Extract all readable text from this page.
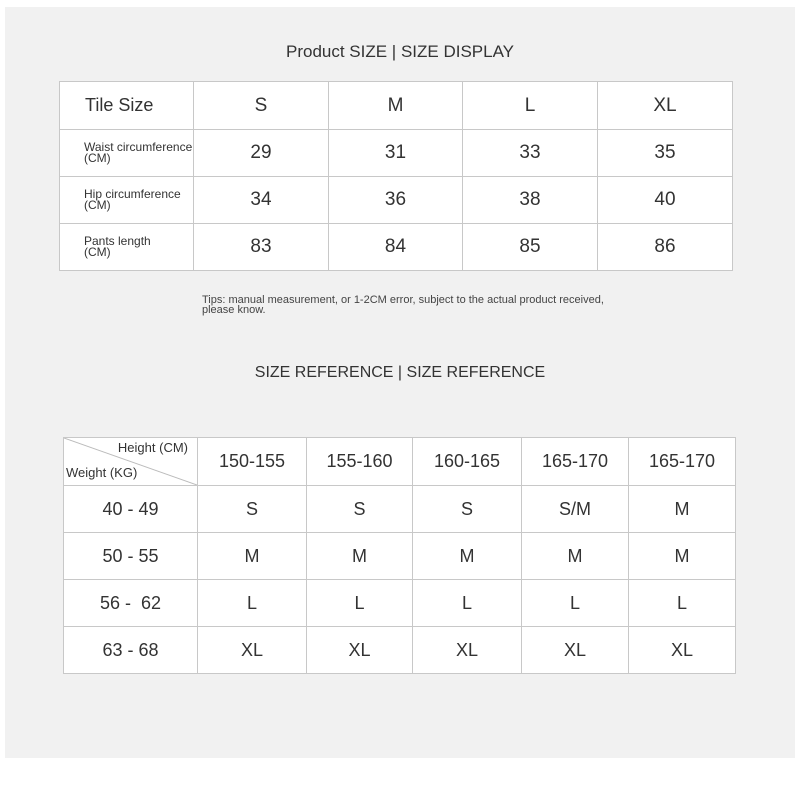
Product SIZE | SIZE DISPLAY
Tile Size	S	M	L	XL

Waist circumference
(CM)	29	31	33	35

Hip circumference
(CM)	34	36	38	40

Pants length
(CM)	83	84	85	86
Tips: manual measurement, or 1-2CM error, subject to the actual product received,
please know.
SIZE REFERENCE | SIZE REFERENCE
Height (CM)
Weight (KG)	150-155	155-160	160-165	165-170	165-170
40 - 49	S	S	S	S/M	M
50 - 55	M	M	M	M	M
56 -  62	L	L	L	L	L
63 - 68	XL	XL	XL	XL	XL
